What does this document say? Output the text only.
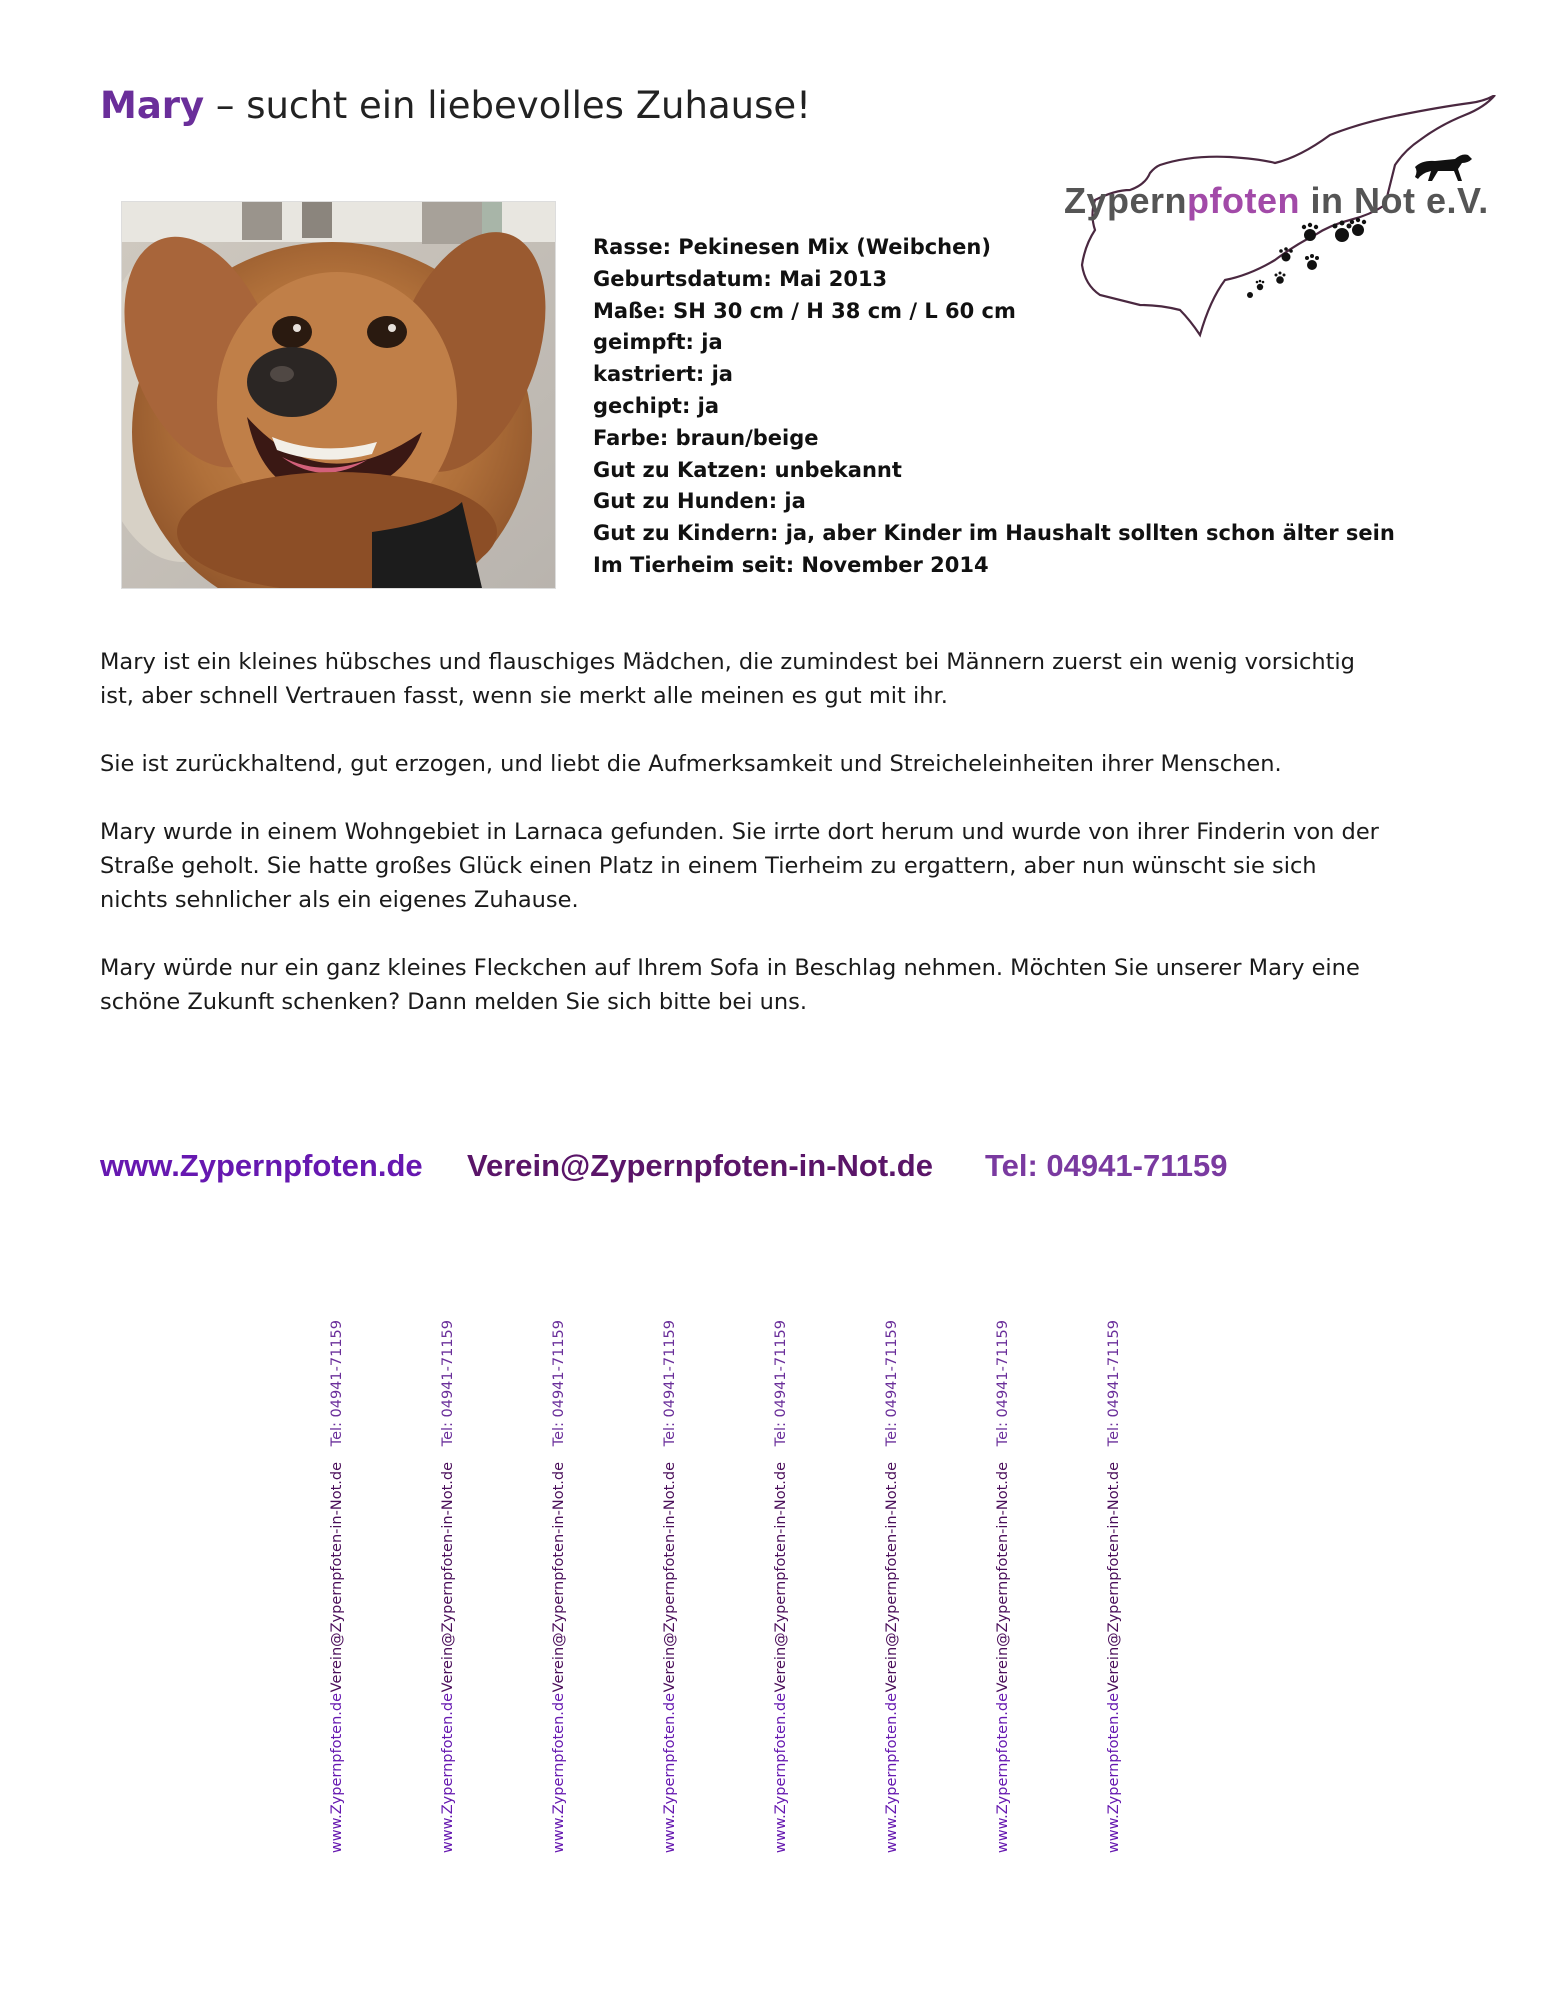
Mary – sucht ein liebevolles Zuhause!
Zypernpfoten in Not e.V.
Rasse: Pekinesen Mix (Weibchen)
Geburtsdatum: Mai 2013
Maße: SH 30 cm / H 38 cm / L 60 cm
geimpft: ja
kastriert: ja
gechipt: ja
Farbe: braun/beige
Gut zu Katzen: unbekannt
Gut zu Hunden: ja
Gut zu Kindern: ja, aber Kinder im Haushalt sollten schon älter sein
Im Tierheim seit: November 2014

Mary ist ein kleines hübsches und flauschiges Mädchen, die zumindest bei Männern zuerst ein wenig vorsichtig
ist, aber schnell Vertrauen fasst, wenn sie merkt alle meinen es gut mit ihr.

Sie ist zurückhaltend, gut erzogen, und liebt die Aufmerksamkeit und Streicheleinheiten ihrer Menschen.

Mary wurde in einem Wohngebiet in Larnaca gefunden. Sie irrte dort herum und wurde von ihrer Finderin von der
Straße geholt. Sie hatte großes Glück einen Platz in einem Tierheim zu ergattern, aber nun wünscht sie sich
nichts sehnlicher als ein eigenes Zuhause.

Mary würde nur ein ganz kleines Fleckchen auf Ihrem Sofa in Beschlag nehmen. Möchten Sie unserer Mary eine
schöne Zukunft schenken? Dann melden Sie sich bitte bei uns.

www.Zypernpfoten.de Verein@Zypernpfoten-in-Not.de Tel: 04941-71159
Tel: 04941-71159
Verein@Zypernpfoten-in-Not.de
www.Zypernpfoten.de
Tel: 04941-71159
Verein@Zypernpfoten-in-Not.de
www.Zypernpfoten.de
Tel: 04941-71159
Verein@Zypernpfoten-in-Not.de
www.Zypernpfoten.de
Tel: 04941-71159
Verein@Zypernpfoten-in-Not.de
www.Zypernpfoten.de
Tel: 04941-71159
Verein@Zypernpfoten-in-Not.de
www.Zypernpfoten.de
Tel: 04941-71159
Verein@Zypernpfoten-in-Not.de
www.Zypernpfoten.de
Tel: 04941-71159
Verein@Zypernpfoten-in-Not.de
www.Zypernpfoten.de
Tel: 04941-71159
Verein@Zypernpfoten-in-Not.de
www.Zypernpfoten.de
